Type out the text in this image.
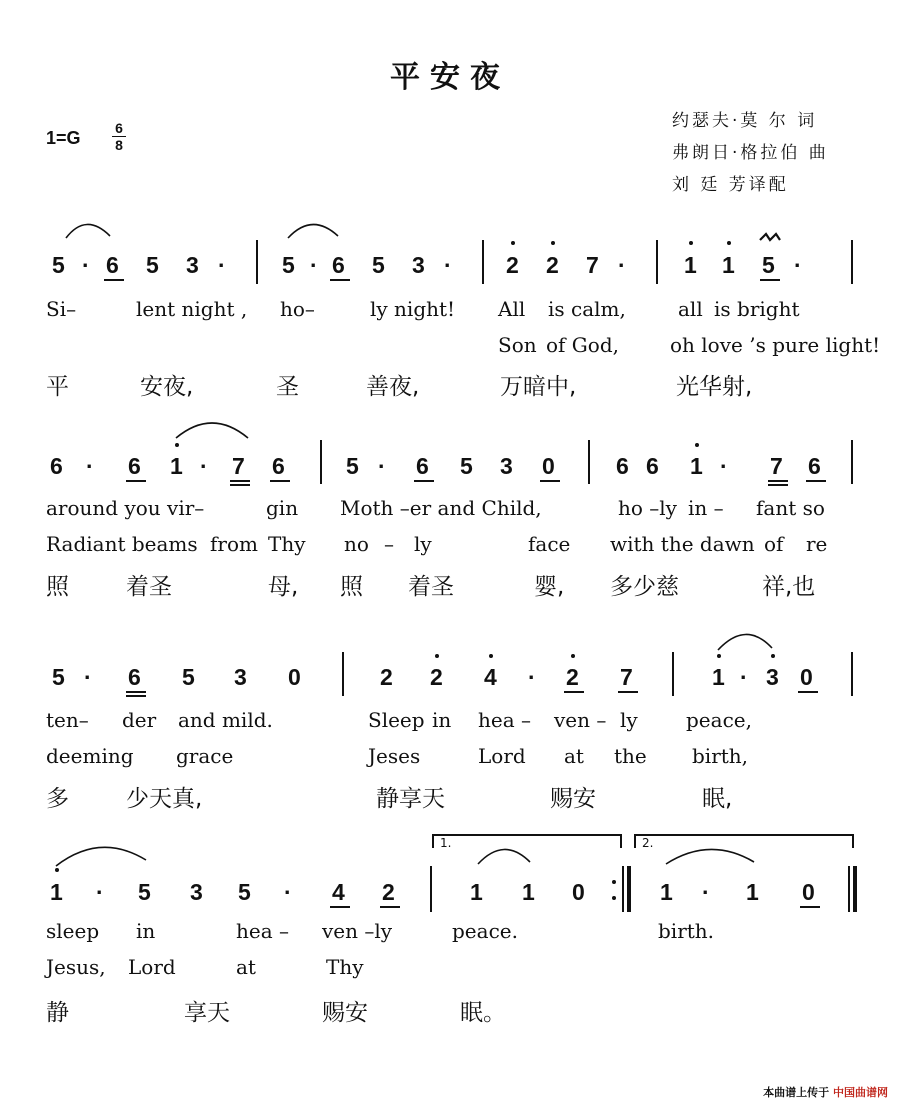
平安夜
约瑟夫·莫 尔 词
弗朗日·格拉伯 曲
刘 廷 芳译配
$1=G \frac{6}{8}$
5 · 6 5 3 · 5 · 6 5 3 · 2 2 7 ·	1 1 5 ·
Si–	lent night , ho–	ly night! All is calm,	all is bright
Son of God,	oh love ’s pure light!
平	安夜,	圣	善夜,	万暗中,	光华射,
6 · 6 1 · 7 6	5 · 6 5 3 0	6 6 1 · 7 6
around you vir–	gin Moth –er and Child,	ho –ly in – fant so
Radiant beams from Thy no – ly	face with the dawn of re
照 着圣	母, 照 着圣	婴, 多少慈	祥,也
5 · 6 5 3 0	2 2 4 · 2 7	1 · 3 0
ten– der and mild.	Sleep in hea – ven – ly peace,
deeming grace	Jeses	Lord at the birth,
多 少天真,	静享天	赐安	眠,
1 · 5 3 5 · 4 2	1 1 0	1 · 1 0
1.	2.
sleep in	hea – ven –ly	peace.	birth.
Jesus, Lord	at	Thy
静	享天	赐安	眠。
本曲谱上传于 中国曲谱网
